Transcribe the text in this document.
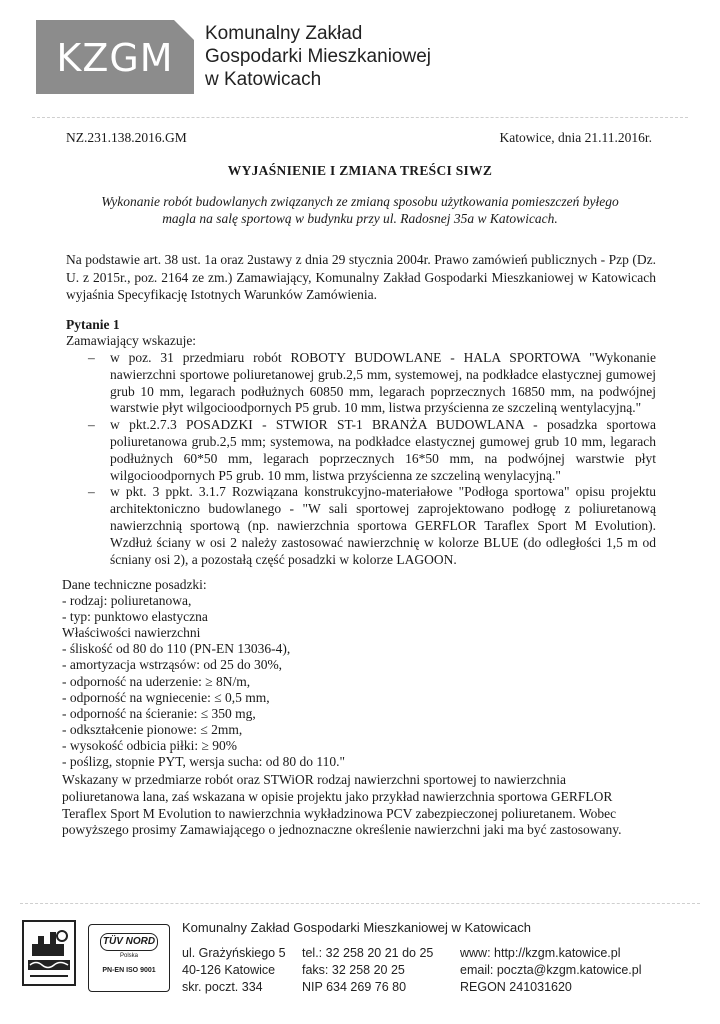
KZGM
Komunalny Zakład
Gospodarki Mieszkaniowej
w Katowicach
NZ.231.138.2016.GM	Katowice, dnia 21.11.2016r.
WYJAŚNIENIE I ZMIANA TREŚCI SIWZ
Wykonanie robót budowlanych związanych ze zmianą sposobu użytkowania pomieszczeń byłego magla na salę sportową w budynku przy ul. Radosnej 35a w Katowicach.
Na podstawie art. 38 ust. 1a oraz 2ustawy z dnia 29 stycznia 2004r. Prawo zamówień publicznych - Pzp (Dz. U. z 2015r., poz. 2164 ze zm.) Zamawiający, Komunalny Zakład Gospodarki Mieszkaniowej w Katowicach wyjaśnia Specyfikację Istotnych Warunków Zamówienia.
Pytanie 1
Zamawiający wskazuje:
– w poz. 31 przedmiaru robót ROBOTY BUDOWLANE - HALA SPORTOWA "Wykonanie nawierzchni sportowe poliuretanowej grub.2,5 mm, systemowej, na podkładce elastycznej gumowej grub 10 mm, legarach podłużnych 60850 mm, legarach poprzecznych 16850 mm, na podwójnej warstwie płyt wilgocioodpornych P5 grub. 10 mm, listwa przyścienna ze szczeliną wentylacyjną."
– w pkt.2.7.3 POSADZKI - STWIOR ST-1 BRANŻA BUDOWLANA - posadzka sportowa poliuretanowa grub.2,5 mm; systemowa, na podkładce elastycznej gumowej grub 10 mm, legarach podłużnych 60*50 mm, legarach poprzecznych 16*50 mm, na podwójnej warstwie płyt wilgocioodpornych P5 grub. 10 mm, listwa przyścienna ze szczeliną wenylacyjną."
– w pkt. 3 ppkt. 3.1.7 Rozwiązana konstrukcyjno-materiałowe "Podłoga sportowa" opisu projektu architektoniczno budowlanego - "W sali sportowej zaprojektowano podłogę z poliuretanową nawierzchnią sportową (np. nawierzchnia sportowa GERFLOR Taraflex Sport M Evolution). Wzdłuż ściany w osi 2 należy zastosować nawierzchnię w kolorze BLUE (do odległości 1,5 m od ścniany osi 2), a pozostałą część posadzki w kolorze LAGOON.
Dane techniczne posadzki:
- rodzaj: poliuretanowa,
- typ: punktowo elastyczna
Właściwości nawierzchni
- śliskość od 80 do 110 (PN-EN 13036-4),
- amortyzacja wstrząsów: od 25 do 30%,
- odporność na uderzenie: ≥ 8N/m,
- odporność na wgniecenie: ≤ 0,5 mm,
- odporność na ścieranie: ≤ 350 mg,
- odkształcenie pionowe: ≤ 2mm,
- wysokość odbicia piłki: ≥ 90%
- poślizg, stopnie PYT, wersja sucha: od 80 do 110."
Wskazany w przedmiarze robót oraz STWiOR rodzaj nawierzchni sportowej to nawierzchnia
poliuretanowa lana, zaś wskazana w opisie projektu jako przykład nawierzchnia sportowa GERFLOR
Teraflex Sport M Evolution to nawierzchnia wykładzinowa PCV zabezpieczonej poliuretanem. Wobec
powyższego prosimy Zamawiającego o jednoznaczne określenie nawierzchni jaki ma być zastosowany.
TÜV NORD
Polska
PN-EN ISO 9001
Komunalny Zakład Gospodarki Mieszkaniowej w Katowicach
ul. Grażyńskiego 5
40-126 Katowice
skr. poczt. 334
tel.: 32 258 20 21 do 25
faks: 32 258 20 25
NIP 634 269 76 80
www: http://kzgm.katowice.pl
email: poczta@kzgm.katowice.pl
REGON 241031620
